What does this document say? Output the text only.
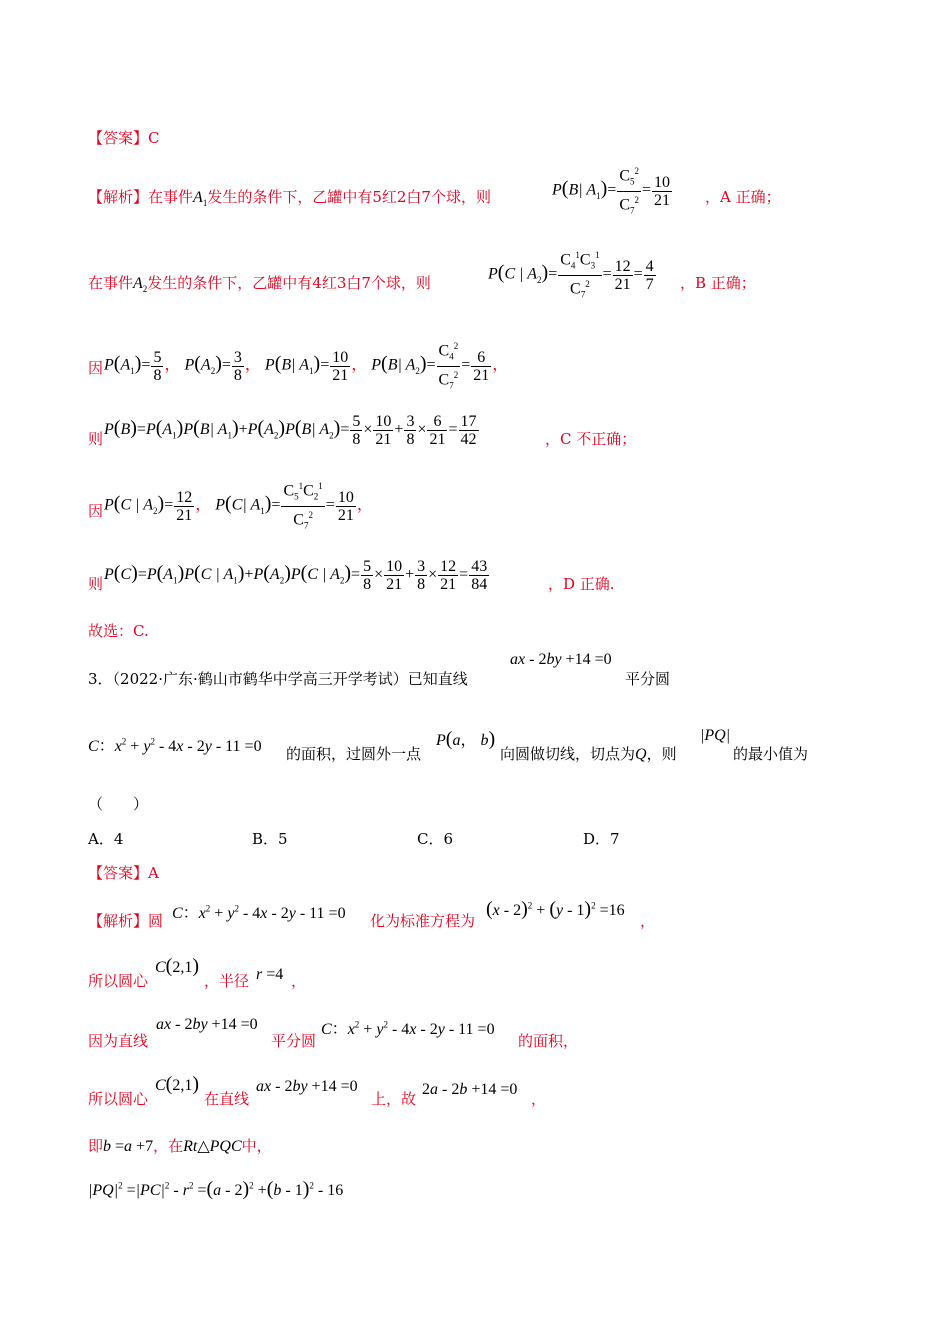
【答案】C
【解析】在事件$A_1$发生的条件下，乙罐中有5红2白7个球，则	P(B| $A_1)= \frac{C_5^2}{C_7^2} = \frac{10}{21}$ ，A 正确；
在事件$A_2$发生的条件下，乙罐中有4红3白7个球，则	P(C | $A_2)= \frac{C_4^1C_3^1}{C_7^2} = \frac{12}{21} = \frac{4}{7}$ ，B 正确；
因 $P(A_1)= \frac{5}{8}$ ， $P(A_2)= \frac{3}{8}$ ， P(B| $A_1)= \frac{10}{21}$ ， P(B| $A_2)= \frac{C_4^2}{C_7^2} = \frac{6}{21}$ ，
则
$P(B)=P(A_1)P(B|$ $A_1)+P(A_2)P(B|$ $A_2)= \frac{5}{8} \times \frac{10}{21} + \frac{3}{8} \times \frac{6}{21} = \frac{17}{42}$	，C 不正确；
因 P(C | $A_2)= \frac{12}{21}$ ， P(C| $A_1)= \frac{C_5^1C_2^1}{C_7^2} = \frac{10}{21}$ ，
则
$P(C)=P(A_1)P(C$ | $A_1)+P(A_2)P(C$ | $A_2)= \frac{5}{8} \times \frac{10}{21} + \frac{3}{8} \times \frac{12}{21} = \frac{43}{84}$	，D 正确.
故选：C.
3．（2022·广东·鹤山市鹤华中学高三开学考试）已知直线
ax - 2by +14 =0
平分圆
C：$x^2 + y^2 - 4x - 2y - 11 =0$ 的面积，过圆外一点
P(a， b)
向圆做切线，切点为Q，则
|PQ|
的最小值为
（　　）
A．4	B．5	C．6	D．7
【答案】A
【解析】圆 C：$x^2 + y^2 - 4x - 2y - 11 =0$ 化为标准方程为
(x - 2)$^2$ + (y - 1)$^2$ =16
，
所以圆心
C(2,1)
，半径 r =4 ，
因为直线
ax - 2by +14 =0
平分圆
C：$x^2 + y^2 - 4x - 2y - 11 =0$
的面积，
所以圆心
C(2,1)
在直线
ax - 2by +14 =0
上，故
2a - 2b +14 =0
，
即b =a +7，在Rt△PQC中，
$|PQ|^2 =|PC|^2 - r^2 =(a - 2)^2 +(b - 1)^2 - 16$
